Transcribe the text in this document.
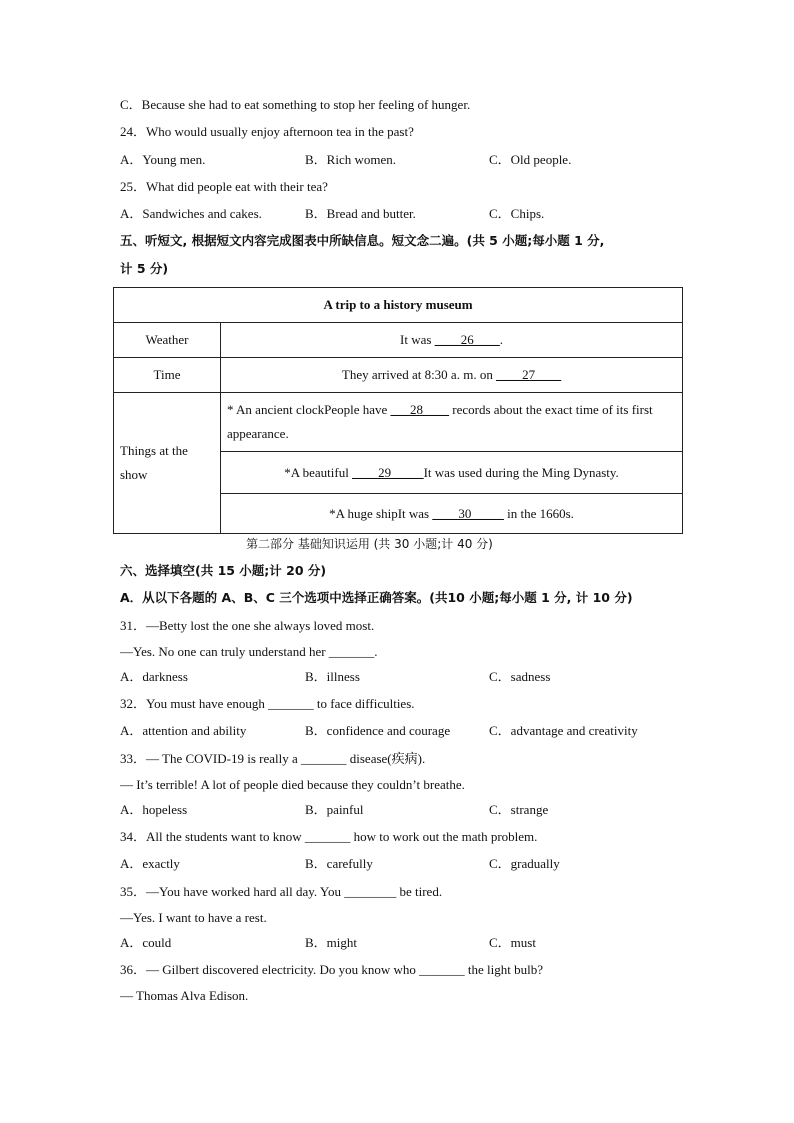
C．Because she had to eat something to stop her feeling of hunger.
24．Who would usually enjoy afternoon tea in the past?
A．Young men.	B．Rich women.	C．Old people.
25．What did people eat with their tea?
A．Sandwiches and cakes.	B．Bread and butter.	C．Chips.
五、听短文, 根据短文内容完成图表中所缺信息。短文念二遍。(共 5 小题;每小题 1 分,
计 5 分)
A trip to a history museum	
Weather	It was ____26____.
Time	They arrived at 8:30 a. m. on ____27____
Things at the show	* An ancient clockPeople have ___28____ records about the exact time of its first appearance.
	*A beautiful ____29_____It was used during the Ming Dynasty.
	*A huge shipIt was ____30_____ in the 1660s.
第二部分 基础知识运用 (共 30 小题;计 40 分)
六、选择填空(共 15 小题;计 20 分)
A．从以下各题的 A、B、C 三个选项中选择正确答案。(共10 小题;每小题 1 分, 计 10 分)
31．—Betty lost the one she always loved most.
—Yes. No one can truly understand her _______.
A．darkness	B．illness	C．sadness
32．You must have enough _______ to face difficulties.
A．attention and ability	B．confidence and courage	C．advantage and creativity
33．— The COVID-19 is really a _______ disease(疾病).
— It’s terrible! A lot of people died because they couldn’t breathe.
A．hopeless	B．painful	C．strange
34．All the students want to know _______ how to work out the math problem.
A．exactly	B．carefully	C．gradually
35．—You have worked hard all day. You ________ be tired.
—Yes. I want to have a rest.
A．could	B．might	C．must
36．— Gilbert discovered electricity. Do you know who _______ the light bulb?
— Thomas Alva Edison.
